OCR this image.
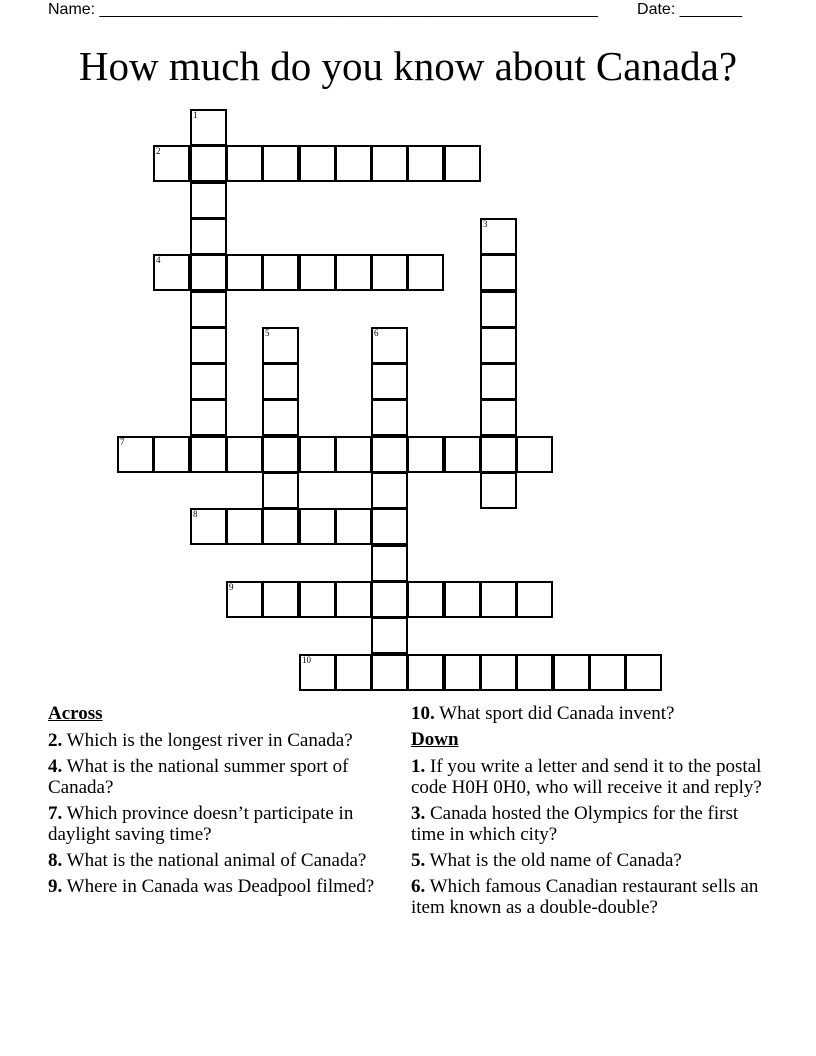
Name: ________________________________________________________ Date: _______
How much do you know about Canada?
1
2
3
4
5	6
7
8
9
10
Across
2. Which is the longest river in Canada?
4. What is the national summer sport of Canada?
7. Which province doesn’t participate in daylight saving time?
8. What is the national animal of Canada?
9. Where in Canada was Deadpool filmed?
10. What sport did Canada invent?
Down
1. If you write a letter and send it to the postal code H0H 0H0, who will receive it and reply?
3. Canada hosted the Olympics for the first time in which city?
5. What is the old name of Canada?
6. Which famous Canadian restaurant sells an item known as a double-double?
